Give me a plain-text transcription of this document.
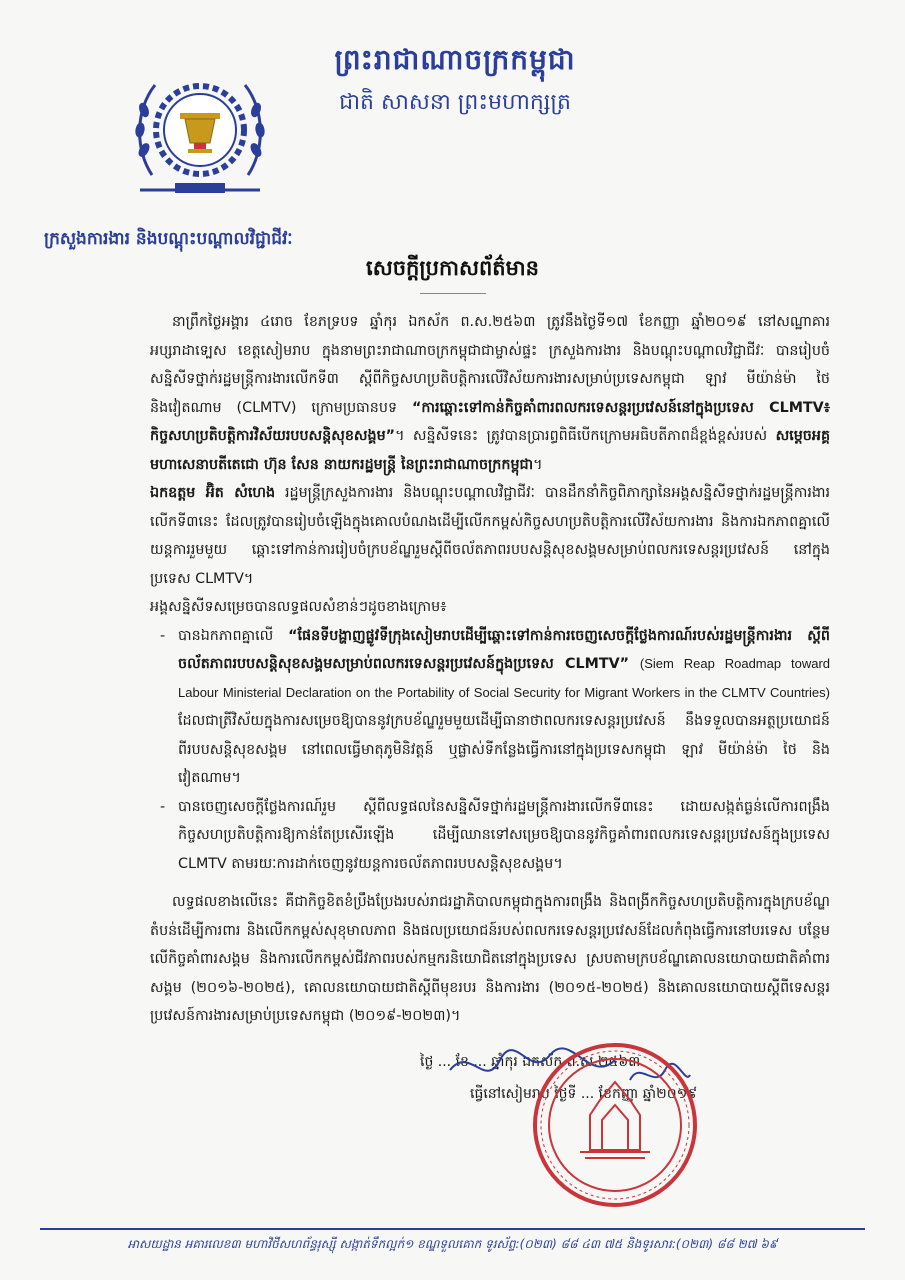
ព្រះរាជាណាចក្រកម្ពុជា
ជាតិ សាសនា ព្រះមហាក្សត្រ
ក្រសួងការងារ និងបណ្តុះបណ្តាលវិជ្ជាជីវៈ
សេចក្តីប្រកាសព័ត៌មាន

នាព្រឹកថ្ងៃអង្គារ ៤រោច ខែភទ្របទ ឆ្នាំកុរ ឯកស័ក ព.ស.២៥៦៣ ត្រូវនឹងថ្ងៃទី១៧ ខែកញ្ញា ឆ្នាំ២០១៩ នៅសណ្ឋាគារអប្សរាដាទ្បេស ខេត្តសៀមរាប ក្នុងនាមព្រះរាជាណាចក្រកម្ពុជាជាម្ចាស់ផ្ទះ ក្រសួងការងារ និងបណ្តុះបណ្តាលវិជ្ជាជីវៈ បានរៀបចំសន្និសីទថ្នាក់រដ្ឋមន្ត្រីការងារលើកទី៣ ស្តីពីកិច្ចសហប្រតិបត្តិការលើវិស័យការងារសម្រាប់ប្រទេសកម្ពុជា ឡាវ មីយ៉ាន់ម៉ា ថៃ និងវៀតណាម (CLMTV) ក្រោមប្រធានបទ “ការឆ្ពោះទៅកាន់កិច្ចគាំពារពលករទេសន្តរប្រវេសន៍នៅក្នុងប្រទេស CLMTV៖ កិច្ចសហប្រតិបត្តិការវិស័យរបបសន្តិសុខសង្គម”។ សន្និសីទនេះ ត្រូវបានប្រារព្ធពិធីបើកក្រោមអធិបតីភាពដ៏ខ្ពង់ខ្ពស់របស់ សម្តេចអគ្គមហាសេនាបតីតេជោ ហ៊ុន សែន នាយករដ្ឋមន្ត្រី នៃព្រះរាជាណាចក្រកម្ពុជា។

ឯកឧត្តម អ៊ិត សំហេង រដ្ឋមន្ត្រីក្រសួងការងារ និងបណ្តុះបណ្តាលវិជ្ជាជីវៈ បានដឹកនាំកិច្ចពិភាក្សានៃអង្គសន្និសីទថ្នាក់រដ្ឋមន្ត្រីការងារលើកទី៣នេះ ដែលត្រូវបានរៀបចំឡើងក្នុងគោលបំណងដើម្បីលើកកម្ពស់កិច្ចសហប្រតិបត្តិការលើវិស័យការងារ និងការឯកភាពគ្នាលើយន្តការរួមមួយ ឆ្ពោះទៅកាន់ការរៀបចំក្របខ័ណ្ឌរួមស្តីពីចល័តភាពរបបសន្តិសុខសង្គមសម្រាប់ពលករទេសន្តរប្រវេសន៍ នៅក្នុងប្រទេស CLMTV។

អង្គសន្និសីទសម្រេចបានលទ្ធផលសំខាន់ៗដូចខាងក្រោម៖

- បានឯកភាពគ្នាលើ “ផែនទីបង្ហាញផ្លូវទីក្រុងសៀមរាបដើម្បីឆ្ពោះទៅកាន់ការចេញសេចក្តីថ្លែងការណ៍របស់រដ្ឋមន្ត្រីការងារ ស្តីពីចល័តភាពរបបសន្តិសុខសង្គមសម្រាប់ពលករទេសន្តរប្រវេសន៍ក្នុងប្រទេស CLMTV” (Siem Reap Roadmap toward Labour Ministerial Declaration on the Portability of Social Security for Migrant Workers in the CLMTV Countries) ដែលជាត្រីវិស័យក្នុងការសម្រេចឱ្យបាននូវក្របខ័ណ្ឌរួមមួយដើម្បីធានាថាពលករទេសន្តរប្រវេសន៍ នឹងទទួលបានអត្ថប្រយោជន៍ពីរបបសន្តិសុខសង្គម នៅពេលធ្វើមាតុភូមិនិវត្តន៍ ឬផ្លាស់ទីកន្លែងធ្វើការនៅក្នុងប្រទេសកម្ពុជា ឡាវ មីយ៉ាន់ម៉ា ថៃ និង វៀតណាម។

- បានចេញសេចក្តីថ្លែងការណ៍រួម ស្តីពីលទ្ធផលនៃសន្និសីទថ្នាក់រដ្ឋមន្ត្រីការងារលើកទី៣នេះ ដោយសង្កត់ធ្ងន់លើការពង្រឹងកិច្ចសហប្រតិបត្តិការឱ្យកាន់តែប្រសើរឡើង ដើម្បីឈានទៅសម្រេចឱ្យបាននូវកិច្ចគាំពារពលករទេសន្តរប្រវេសន៍ក្នុងប្រទេស CLMTV តាមរយៈការដាក់ចេញនូវយន្តការចល័តភាពរបបសន្តិសុខសង្គម។

លទ្ធផលខាងលើនេះ គឺជាកិច្ចខិតខំប្រឹងប្រែងរបស់រាជរដ្ឋាភិបាលកម្ពុជាក្នុងការពង្រឹង និងពង្រីកកិច្ចសហប្រតិបត្តិការក្នុងក្របខ័ណ្ឌតំបន់ដើម្បីការពារ និងលើកកម្ពស់សុខុមាលភាព និងផលប្រយោជន៍របស់ពលករទេសន្តរប្រវេសន៍ដែលកំពុងធ្វើការនៅបរទេស បន្ថែមលើកិច្ចគាំពារសង្គម និងការលើកកម្ពស់ជីវភាពរបស់កម្មករនិយោជិតនៅក្នុងប្រទេស ស្របតាមក្របខ័ណ្ឌគោលនយោបាយជាតិគាំពារសង្គម (២០១៦-២០២៥), គោលនយោបាយជាតិស្តីពីមុខរបរ និងការងារ (២០១៥-២០២៥) និងគោលនយោបាយស្តីពីទេសន្តរប្រវេសន៍ការងារសម្រាប់ប្រទេសកម្ពុជា (២០១៩-២០២៣)។

ថ្ងៃ ... ខែ ... ឆ្នាំកុរ ឯកស័ក ព.ស.២៥៦៣
ធ្វើនៅសៀមរាប ថ្ងៃទី ... ខែកញ្ញា ឆ្នាំ២០១៩
អាសយដ្ឋាន អគារលេខ៣ មហាវិថីសហព័ន្ធរុស្ស៊ី សង្កាត់ទឹកល្អក់១ ខណ្ឌទួលគោក ទូរស័ព្ទ:(០២៣) ៨៨ ៤៣ ៧៥ និងទូរសារ:(០២៣) ៨៨ ២៧ ៦៩
